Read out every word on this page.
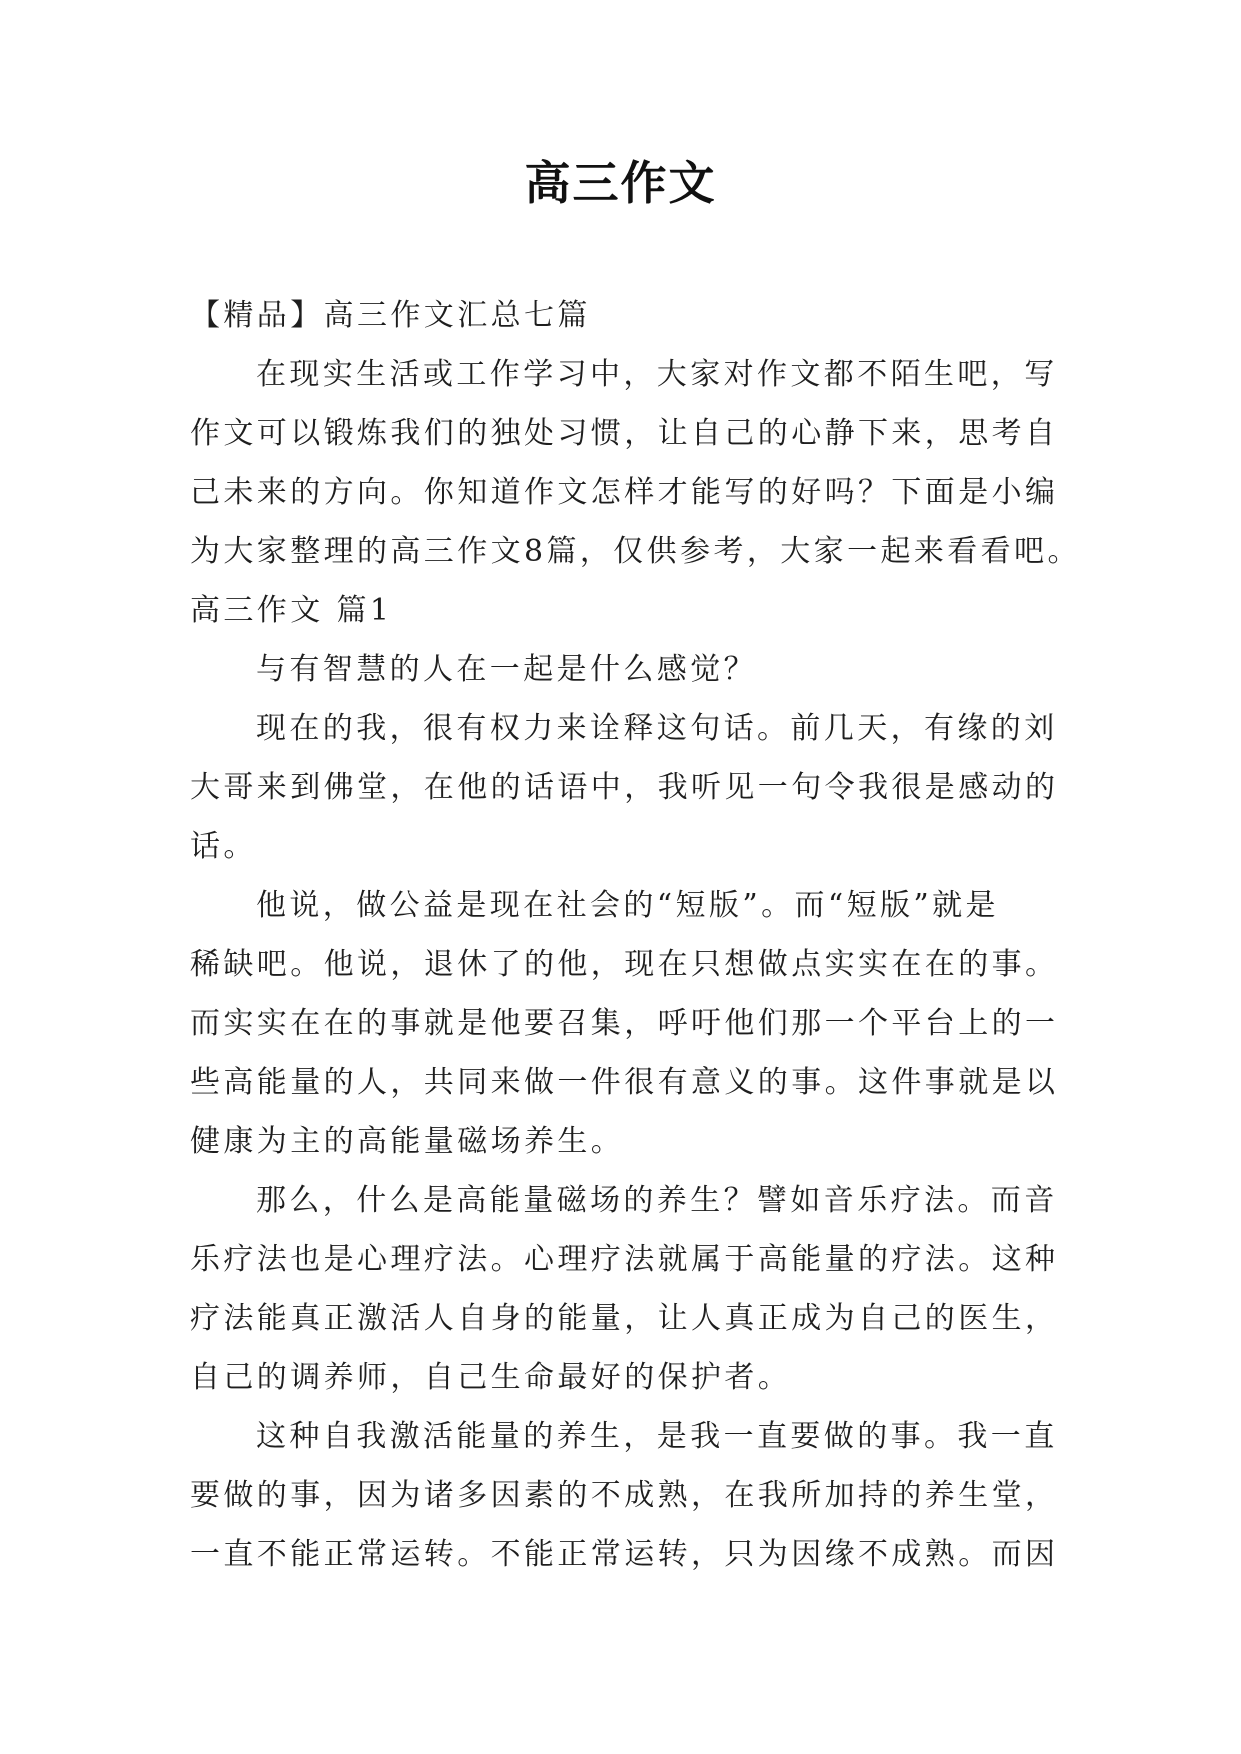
高三作文
【精品】高三作文汇总七篇
在现实生活或工作学习中，大家对作文都不陌生吧，写
作文可以锻炼我们的独处习惯，让自己的心静下来，思考自
己未来的方向。你知道作文怎样才能写的好吗？下面是小编
为大家整理的高三作文8篇，仅供参考，大家一起来看看吧。
高三作文 篇1
与有智慧的人在一起是什么感觉？
现在的我，很有权力来诠释这句话。前几天，有缘的刘
大哥来到佛堂，在他的话语中，我听见一句令我很是感动的
话。
他说，做公益是现在社会的“短版”。而“短版”就是
稀缺吧。他说，退休了的他，现在只想做点实实在在的事。
而实实在在的事就是他要召集，呼吁他们那一个平台上的一
些高能量的人，共同来做一件很有意义的事。这件事就是以
健康为主的高能量磁场养生。
那么，什么是高能量磁场的养生？譬如音乐疗法。而音
乐疗法也是心理疗法。心理疗法就属于高能量的疗法。这种
疗法能真正激活人自身的能量，让人真正成为自己的医生，
自己的调养师，自己生命最好的保护者。
这种自我激活能量的养生，是我一直要做的事。我一直
要做的事，因为诸多因素的不成熟，在我所加持的养生堂，
一直不能正常运转。不能正常运转，只为因缘不成熟。而因
